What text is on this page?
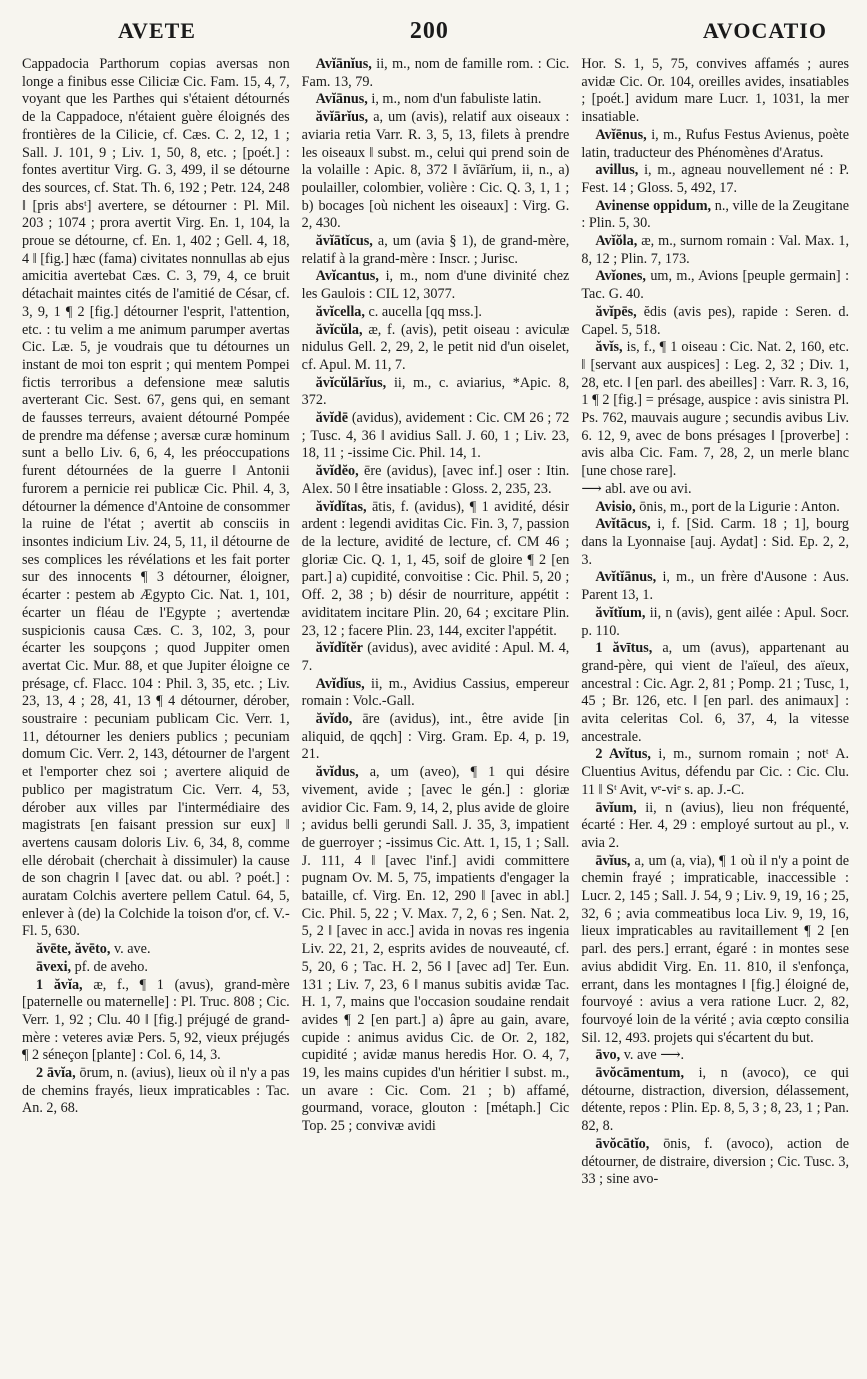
AVETE	200	AVOCATIO

Cappadocia Parthorum copias aversas non longe a finibus esse Ciliciæ Cic. Fam. 15, 4, 7, voyant que les Parthes qui s'étaient détournés de la Cappadoce, n'étaient guère éloignés des frontières de la Cilicie, cf. Cæs. C. 2, 12, 1 ; Sall. J. 101, 9 ; Liv. 1, 50, 8, etc. ; [poét.] : fontes avertitur Virg. G. 3, 499, il se détourne des sources, cf. Stat. Th. 6, 192 ; Petr. 124, 248 ‖ [pris absᵗ] avertere, se détourner : Pl. Mil. 203 ; 1074 ; prora avertit Virg. En. 1, 104, la proue se détourne, cf. En. 1, 402 ; Gell. 4, 18, 4 ‖ [fig.] hæc (fama) civitates nonnullas ab ejus amicitia avertebat Cæs. C. 3, 79, 4, ce bruit détachait maintes cités de l'amitié de César, cf. 3, 9, 1 ¶ 2 [fig.] détourner l'esprit, l'attention, etc. : tu velim a me animum parumper avertas Cic. Læ. 5, je voudrais que tu détournes un instant de moi ton esprit ; qui mentem Pompei fictis terroribus a defensione meæ salutis averterant Cic. Sest. 67, gens qui, en semant de fausses terreurs, avaient détourné Pompée de prendre ma défense ; aversæ curæ hominum sunt a bello Liv. 6, 6, 4, les préoccupations furent détournées de la guerre ‖ Antonii furorem a pernicie rei publicæ Cic. Phil. 4, 3, détourner la démence d'Antoine de consommer la ruine de l'état ; avertit ab consciis in insontes indicium Liv. 24, 5, 11, il détourne de ses complices les révélations et les fait porter sur des innocents ¶ 3 détourner, éloigner, écarter : pestem ab Ægypto Cic. Nat. 1, 101, écarter un fléau de l'Egypte ; avertendæ suspicionis causa Cæs. C. 3, 102, 3, pour écarter les soupçons ; quod Juppiter omen avertat Cic. Mur. 88, et que Jupiter éloigne ce présage, cf. Flacc. 104 : Phil. 3, 35, etc. ; Liv. 23, 13, 4 ; 28, 41, 13 ¶ 4 détourner, dérober, soustraire : pecuniam publicam Cic. Verr. 1, 11, détourner les deniers publics ; pecuniam domum Cic. Verr. 2, 143, détourner de l'argent et l'emporter chez soi ; avertere aliquid de publico per magistratum Cic. Verr. 4, 53, dérober aux villes par l'intermédiaire des magistrats [en faisant pression sur eux] ‖ avertens causam doloris Liv. 6, 34, 8, comme elle dérobait (cherchait à dissimuler) la cause de son chagrin ‖ [avec dat. ou abl. ? poét.] : auratam Colchis avertere pellem Catul. 64, 5, enlever à (de) la Colchide la toison d'or, cf. V.-Fl. 5, 630.

ăvēte, ăvēto, v. ave.

āvexi, pf. de aveho.

1 ăvĭa, æ, f., ¶ 1 (avus), grand-mère [paternelle ou maternelle] : Pl. Truc. 808 ; Cic. Verr. 1, 92 ; Clu. 40 ‖ [fig.] préjugé de grand-mère : veteres aviæ Pers. 5, 92, vieux préjugés ¶ 2 séneçon [plante] : Col. 6, 14, 3.

2 āvĭa, ōrum, n. (avius), lieux où il n'y a pas de chemins frayés, lieux impraticables : Tac. An. 2, 68.

Avĭānĭus, ii, m., nom de famille rom. : Cic. Fam. 13, 79.

Avĭānus, i, m., nom d'un fabuliste latin.

ăvĭārĭus, a, um (avis), relatif aux oiseaux : aviaria retia Varr. R. 3, 5, 13, filets à prendre les oiseaux ‖ subst. m., celui qui prend soin de la volaille : Apic. 8, 372 ‖ ăvĭārĭum, ii, n., a) poulailler, colombier, volière : Cic. Q. 3, 1, 1 ; b) bocages [où nichent les oiseaux] : Virg. G. 2, 430.

ăvĭātĭcus, a, um (avia § 1), de grand-mère, relatif à la grand-mère : Inscr. ; Jurisc.

Avĭcantus, i, m., nom d'une divinité chez les Gaulois : CIL 12, 3077.

ăvĭcella, c. aucella [qq mss.].

ăvĭcŭla, æ, f. (avis), petit oiseau : aviculæ nidulus Gell. 2, 29, 2, le petit nid d'un oiselet, cf. Apul. M. 11, 7.

ăvĭcŭlārĭus, ii, m., c. aviarius, *Apic. 8, 372.

ăvĭdē (avidus), avidement : Cic. CM 26 ; 72 ; Tusc. 4, 36 ‖ avidius Sall. J. 60, 1 ; Liv. 23, 18, 11 ; -issime Cic. Phil. 14, 1.

ăvĭdĕo, ēre (avidus), [avec inf.] oser : Itin. Alex. 50 ‖ être insatiable : Gloss. 2, 235, 23.

ăvĭdĭtas, ātis, f. (avidus), ¶ 1 avidité, désir ardent : legendi aviditas Cic. Fin. 3, 7, passion de la lecture, avidité de lecture, cf. CM 46 ; gloriæ Cic. Q. 1, 1, 45, soif de gloire ¶ 2 [en part.] a) cupidité, convoitise : Cic. Phil. 5, 20 ; Off. 2, 38 ; b) désir de nourriture, appétit : aviditatem incitare Plin. 20, 64 ; excitare Plin. 23, 12 ; facere Plin. 23, 144, exciter l'appétit.

ăvĭdĭtĕr (avidus), avec avidité : Apul. M. 4, 7.

Avĭdĭus, ii, m., Avidius Cassius, empereur romain : Volc.-Gall.

ăvĭdo, āre (avidus), int., être avide [in aliquid, de qqch] : Virg. Gram. Ep. 4, p. 19, 21.

ăvĭdus, a, um (aveo), ¶ 1 qui désire vivement, avide ; [avec le gén.] : gloriæ avidior Cic. Fam. 9, 14, 2, plus avide de gloire ; avidus belli gerundi Sall. J. 35, 3, impatient de guerroyer ; -issimus Cic. Att. 1, 15, 1 ; Sall. J. 111, 4 ‖ [avec l'inf.] avidi committere pugnam Ov. M. 5, 75, impatients d'engager la bataille, cf. Virg. En. 12, 290 ‖ [avec in abl.] Cic. Phil. 5, 22 ; V. Max. 7, 2, 6 ; Sen. Nat. 2, 5, 2 ‖ [avec in acc.] avida in novas res ingenia Liv. 22, 21, 2, esprits avides de nouveauté, cf. 5, 20, 6 ; Tac. H. 2, 56 ‖ [avec ad] Ter. Eun. 131 ; Liv. 7, 23, 6 ‖ manus subitis avidæ Tac. H. 1, 7, mains que l'occasion soudaine rendait avides ¶ 2 [en part.] a) âpre au gain, avare, cupide : animus avidus Cic. de Or. 2, 182, cupidité ; avidæ manus heredis Hor. O. 4, 7, 19, les mains cupides d'un héritier ‖ subst. m., un avare : Cic. Com. 21 ; b) affamé, gourmand, vorace, glouton : [métaph.] Cic Top. 25 ; convivæ avidi

Hor. S. 1, 5, 75, convives affamés ; aures avidæ Cic. Or. 104, oreilles avides, insatiables ; [poét.] avidum mare Lucr. 1, 1031, la mer insatiable.

Avĭēnus, i, m., Rufus Festus Avienus, poète latin, traducteur des Phénomènes d'Aratus.

avillus, i, m., agneau nouvellement né : P. Fest. 14 ; Gloss. 5, 492, 17.

Avinense oppidum, n., ville de la Zeugitane : Plin. 5, 30.

Avĭŏla, æ, m., surnom romain : Val. Max. 1, 8, 12 ; Plin. 7, 173.

Avĭones, um, m., Avions [peuple germain] : Tac. G. 40.

ăvĭpēs, ĕdis (avis pes), rapide : Seren. d. Capel. 5, 518.

ăvĭs, is, f., ¶ 1 oiseau : Cic. Nat. 2, 160, etc. ‖ [servant aux auspices] : Leg. 2, 32 ; Div. 1, 28, etc. ‖ [en parl. des abeilles] : Varr. R. 3, 16, 1 ¶ 2 [fig.] = présage, auspice : avis sinistra Pl. Ps. 762, mauvais augure ; secundis avibus Liv. 6. 12, 9, avec de bons présages ‖ [proverbe] : avis alba Cic. Fam. 7, 28, 2, un merle blanc [une chose rare].

⟶ abl. ave ou avi.

Avisio, ōnis, m., port de la Ligurie : Anton.

Avĭtācus, i, f. [Sid. Carm. 18 ; 1], bourg dans la Lyonnaise [auj. Aydat] : Sid. Ep. 2, 2, 3.

Avĭtĭānus, i, m., un frère d'Ausone : Aus. Parent 13, 1.

ăvĭtĭum, ii, n (avis), gent ailée : Apul. Socr. p. 110.

1 ăvītus, a, um (avus), appartenant au grand-père, qui vient de l'aïeul, des aïeux, ancestral : Cic. Agr. 2, 81 ; Pomp. 21 ; Tusc, 1, 45 ; Br. 126, etc. ‖ [en parl. des animaux] : avita celeritas Col. 6, 37, 4, la vitesse ancestrale.

2 Avĭtus, i, m., surnom romain ; notᵗ A. Cluentius Avitus, défendu par Cic. : Cic. Clu. 11 ‖ Sᵗ Avit, vᵉ-viᵉ s. ap. J.-C.

āvĭum, ii, n (avius), lieu non fréquenté, écarté : Her. 4, 29 : employé surtout au pl., v. avia 2.

āvĭus, a, um (a, via), ¶ 1 où il n'y a point de chemin frayé ; impraticable, inaccessible : Lucr. 2, 145 ; Sall. J. 54, 9 ; Liv. 9, 19, 16 ; 25, 32, 6 ; avia commeatibus loca Liv. 9, 19, 16, lieux impraticables au ravitaillement ¶ 2 [en parl. des pers.] errant, égaré : in montes sese avius abdidit Virg. En. 11. 810, il s'enfonça, errant, dans les montagnes ‖ [fig.] éloigné de, fourvoyé : avius a vera ratione Lucr. 2, 82, fourvoyé loin de la vérité ; avia cœpto consilia Sil. 12, 493. projets qui s'écartent du but.

āvo, v. ave ⟶.

āvŏcāmentum, i, n (avoco), ce qui détourne, distraction, diversion, délassement, détente, repos : Plin. Ep. 8, 5, 3 ; 8, 23, 1 ; Pan. 82, 8.

āvŏcātĭo, ōnis, f. (avoco), action de détourner, de distraire, diversion ; Cic. Tusc. 3, 33 ; sine avo-
